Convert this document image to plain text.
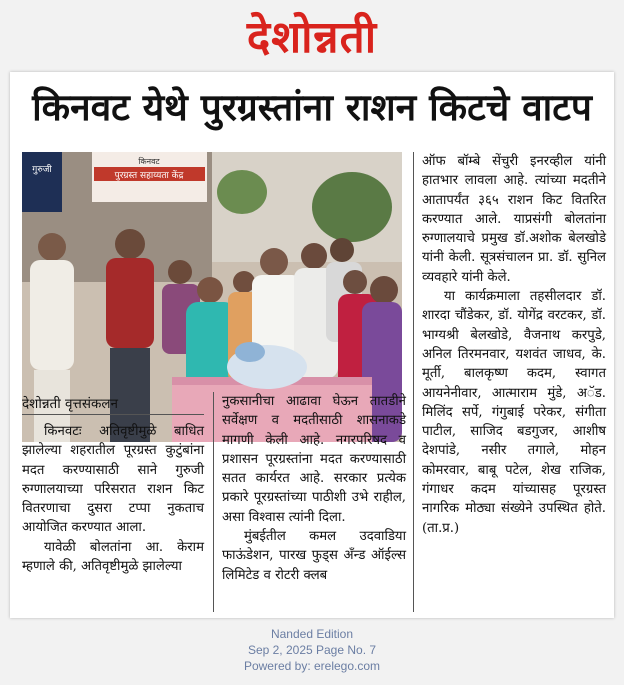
देशोन्नती
किनवट येथे पुरग्रस्तांना राशन किटचे वाटप
किनवट
पुरग्रस्त सहाय्यता केंद्र
गुरुजी
देशोन्नती वृत्तसंकलन

किनवटः अतिवृष्टीमुळे बाधित झालेल्या शहरातील पूरग्रस्त कुटुंबांना मदत करण्यासाठी साने गुरुजी रुग्णालयाच्या परिसरात राशन किट वितरणाचा दुसरा टप्पा नुकताच आयोजित करण्यात आला.

यावेळी बोलतांना आ. केराम म्हणाले की, अतिवृष्टीमुळे झालेल्या

नुकसानीचा आढावा घेऊन तातडीने सर्वेक्षण व मदतीसाठी शासनाकडे मागणी केली आहे. नगरपरिषद व प्रशासन पूरग्रस्तांना मदत करण्यासाठी सतत कार्यरत आहे. सरकार प्रत्येक प्रकारे पूरग्रस्तांच्या पाठीशी उभे राहील, असा विश्वास त्यांनी दिला.

मुंबईतील कमल उदवाडिया फाऊंडेशन, पारख फुड्स अँन्ड ऑईल्स लिमिटेड व रोटरी क्लब

ऑफ बॉम्बे सेंचुरी इनरव्हील यांनी हातभार लावला आहे. त्यांच्या मदतीने आतापर्यंत ३६५ राशन किट वितरित करण्यात आले. याप्रसंगी बोलतांना रुग्णालयाचे प्रमुख डॉ.अशोक बेलखोडे यांनी केली. सूत्रसंचालन प्रा. डॉ. सुनिल व्यवहारे यांनी केले.

या कार्यक्रमाला तहसीलदार डॉ. शारदा चौंडेकर, डॉ. योगेंद्र वरटकर, डॉ. भाग्यश्री बेलखोडे, वैजनाथ करपुडे, अनिल तिरमनवार, यशवंत जाधव, के. मूर्ती, बालकृष्ण कदम, स्वागत आयनेनीवार, आत्माराम मुंडे, अॅड. मिलिंद सर्पे, गंगुबाई परेकर, संगीता पाटील, साजिद बडगुजर, आशीष देशपांडे, नसीर तगाले, मोहन कोमरवार, बाबू पटेल, शेख राजिक, गंगाधर कदम यांच्यासह पूरग्रस्त नागरिक मोठ्या संख्येने उपस्थित होते. (ता.प्र.)

Nanded Edition
Sep 2, 2025 Page No. 7
Powered by: erelego.com
